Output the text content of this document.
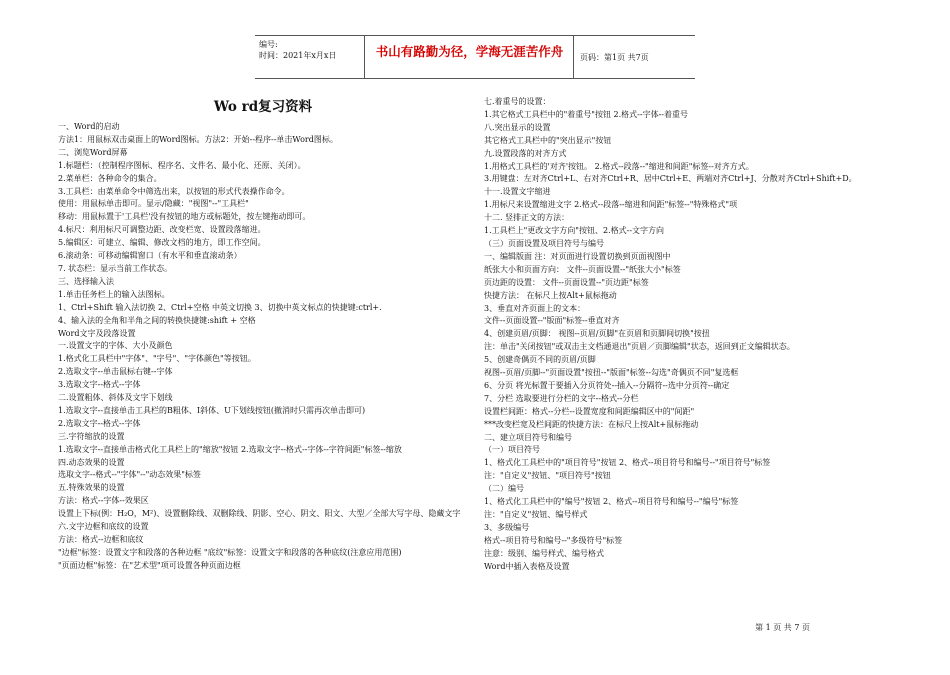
编号:
时间：2021年x月x日	书山有路勤为径，学海无涯苦作舟	页码：第1页 共7页
Wo rd复习资料
一、Word的启动
方法1：用鼠标双击桌面上的Word图标。方法2：开始--程序--单击Word图标。
二、浏览Word屏幕
1.标题栏：（控制程序图标、程序名、文件名、最小化、还原、关闭）。
2.菜单栏：各种命令的集合。
3.工具栏：由菜单命令中筛选出来，以按钮的形式代表操作命令。
使用：用鼠标单击即可。显示/隐藏："视图"--"工具栏"
移动：用鼠标置于'工具栏'没有按钮的地方或标题处，按左键拖动即可。
4.标尺：利用标尺可调整边距、改变栏宽、设置段落缩进。
5.编辑区：可建立、编辑、修改文档的地方，即工作空间。
6.滚动条：可移动编辑窗口（有水平和垂直滚动条）
7. 状态栏：显示当前工作状态。
三、选择输入法
1.单击任务栏上的输入法图标。
1、Ctrl+Shift 输入法切换 2、Ctrl+空格 中英文切换 3、切换中英文标点的快捷键:ctrl+.
4、输入法的全角和半角之间的转换快捷键:shift + 空格
Word文字及段落设置
一.设置文字的字体、大小及颜色
1.格式化工具栏中"字体"、"字号"、"字体颜色"等按钮。
2.选取文字--单击鼠标右键--字体
3.选取文字--格式--字体
二.设置粗体、斜体及文字下划线
1.选取文字--直接单击工具栏的B粗体、I斜体、U下划线按钮(撤消时只需再次单击即可)
2.选取文字--格式--字体
三.字符缩放的设置
1.选取文字--直接单击格式化工具栏上的"缩放"按钮 2.选取文字--格式--字体--字符间距"标签--缩放
四.动态效果的设置
选取文字--格式--"字体"--"动态效果"标签
五.特殊效果的设置
方法：格式--字体--效果区
设置上下标(例：H₂O，M²)、设置删除线、双删除线、阴影、空心、阴文、阳文、大型／全部大写字母、隐藏文字
六.文字边框和底纹的设置
方法：格式--边框和底纹
"边框"标签：设置文字和段落的各种边框 "底纹"标签：设置文字和段落的各种底纹(注意应用范围)
"页面边框"标签：在"艺术型"项可设置各种页面边框
七.着重号的设置：
1.其它格式工具栏中的"着重号"按钮 2.格式--字体--着重号
八.突出显示的设置
其它格式工具栏中的"突出显示"按钮
九.设置段落的对齐方式
1.用格式工具栏的'对齐'按钮。 2.格式--段落--"缩进和间距"标签--对齐方式。
3.用键盘：左对齐Ctrl+L、右对齐Ctrl+R、居中Ctrl+E、两端对齐Ctrl+J、分散对齐Ctrl+Shift+D。
十一.设置文字缩进
1.用标尺来设置缩进文字 2.格式--段落--缩进和间距"标签--"特殊格式"项
十二. 竖排正文的方法：
1.工具栏上"更改文字方向"按钮、2.格式--文字方向
（三）页面设置及项目符号与编号
一、编辑版面 注：对页面进行设置切换到页面视图中
纸张大小和页面方向： 文件--页面设置--"纸张大小"标签
页边距的设置： 文件--页面设置--"页边距"标签
快捷方法： 在标尺上按Alt+鼠标拖动
3、垂直对齐页面上的文本：
文件--页面设置--"版面"标签--垂直对齐
4、创建页眉/页脚： 视图--页眉/页脚"在页眉和页脚间切换"按扭
注：单击"关闭按钮"或双击主文档通退出"页眉／页脚编辑"状态，返回到正文编辑状态。
5、创建奇偶页不同的页眉/页脚
视图--页眉/页脚--"页面设置"按扭--"版面"标签--勾选"奇偶页不同"复选框
6、分页 将光标置于要插入分页符处--插入--分隔符--选中分页符--确定
7、分栏 选取要进行分栏的文字--格式--分栏
设置栏间距：格式--分栏--设置宽度和间距编辑区中的"间距"
***改变栏宽及栏间距的快捷方法：在标尺上按Alt+鼠标拖动
二、建立项目符号和编号
（一）项目符号
1、格式化工具栏中的"项目符号"按钮 2、格式--项目符号和编号--"项目符号"标签
注："自定义"按钮、"项目符号"按钮
（二）编号
1、格式化工具栏中的"编号"按钮 2、格式--项目符号和编号--"编号"标签
注："自定义"按钮、编号样式
3、多级编号
格式--项目符号和编号--"多级符号"标签
注意：级别、编号样式、编号格式
Word中插入表格及设置
第 1 页 共 7 页
